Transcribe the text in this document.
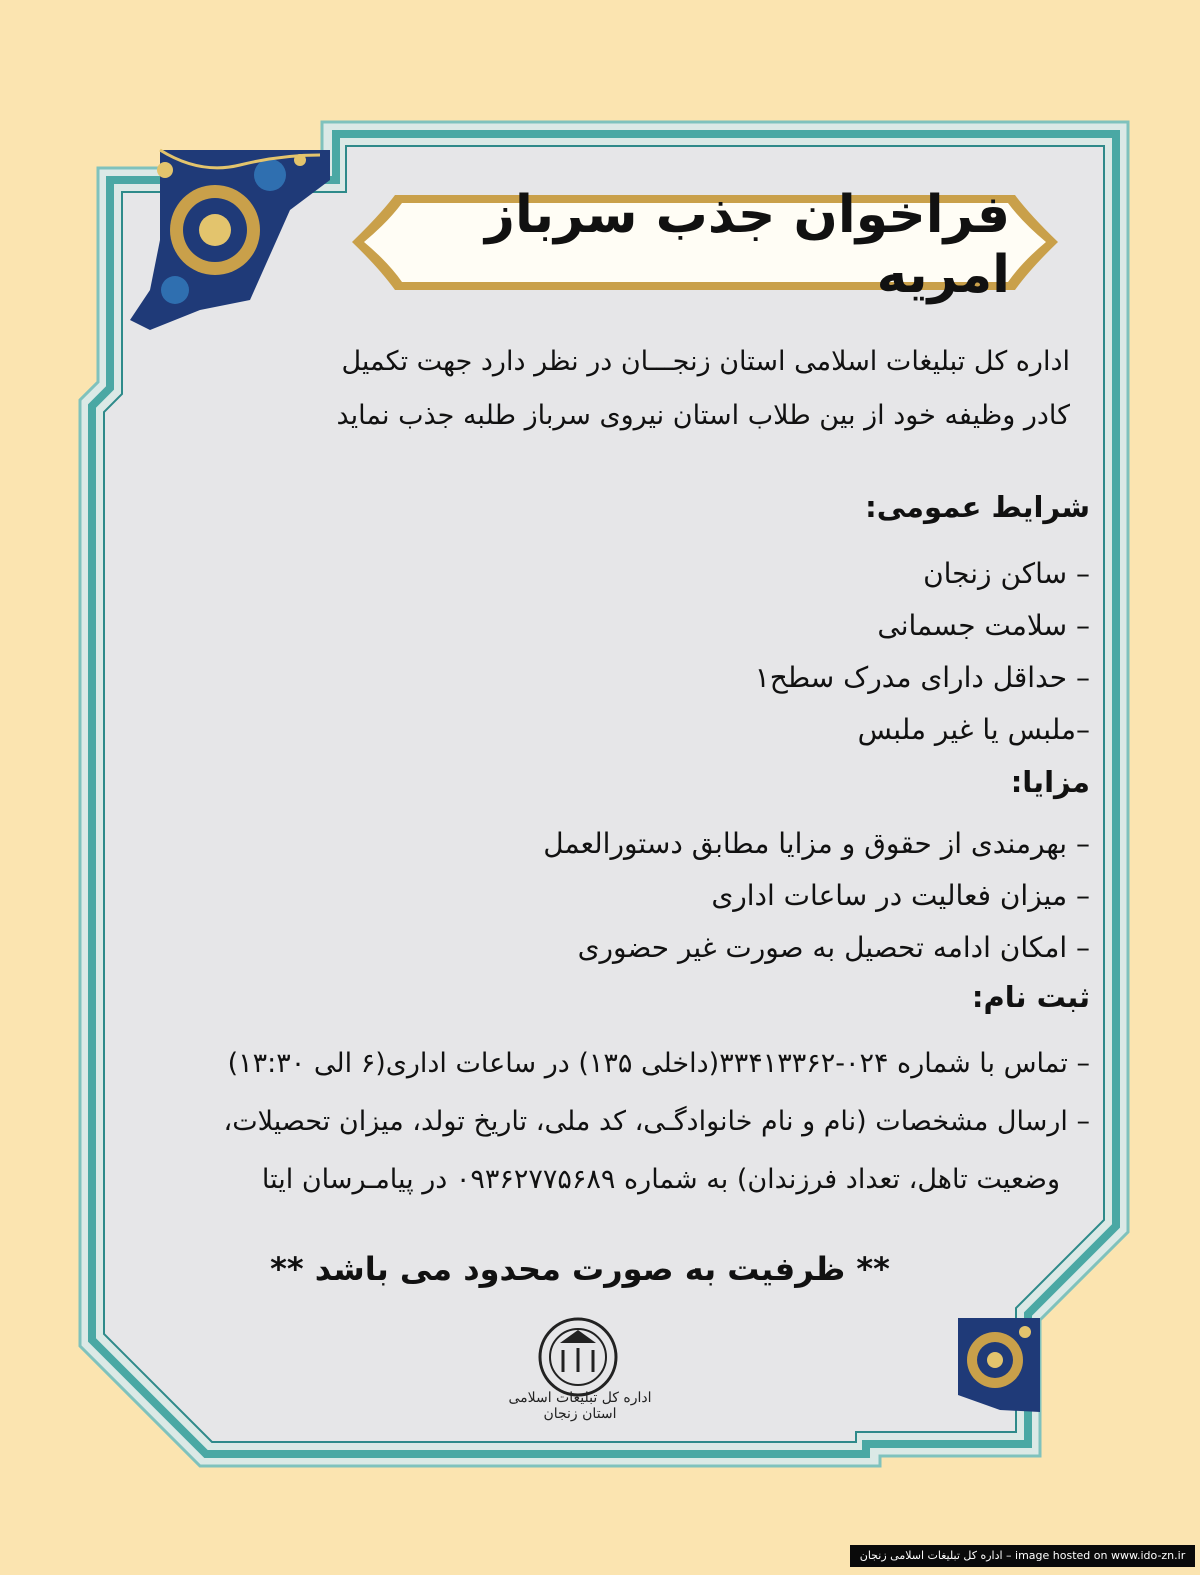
فراخوان جذب سرباز امریه
اداره کل تبلیغات اسلامی استان زنجـــان در نظر دارد جهت تکمیل
کادر وظیفه خود از بین طلاب استان نیروی سرباز طلبه جذب نماید
شرایط عمومی:
– ساکن زنجان
– سلامت جسمانی
– حداقل دارای مدرک سطح۱
–ملبس یا غیر ملبس
مزایا:
– بهرمندی از حقوق و مزایا مطابق دستورالعمل
– میزان فعالیت در ساعات اداری
– امکان ادامه تحصیل به صورت غیر حضوری
ثبت نام:
– تماس با شماره ۰۲۴-۳۳۴۱۳۳۶۲(داخلی ۱۳۵) در ساعات اداری(۶ الی ۱۳:۳۰)
– ارسال مشخصات (نام و نام خانوادگـی، کد ملی، تاریخ تولد، میزان تحصیلات،
وضعیت تاهل، تعداد فرزندان) به شماره ۰۹۳۶۲۷۷۵۶۸۹ در پیامـرسان ایتا
** ظرفیت به صورت محدود می باشد **
اداره کل تبلیغات اسلامی استان زنجان
اداره کل تبلیغات اسلامی زنجان – image hosted on www.ido-zn.ir
